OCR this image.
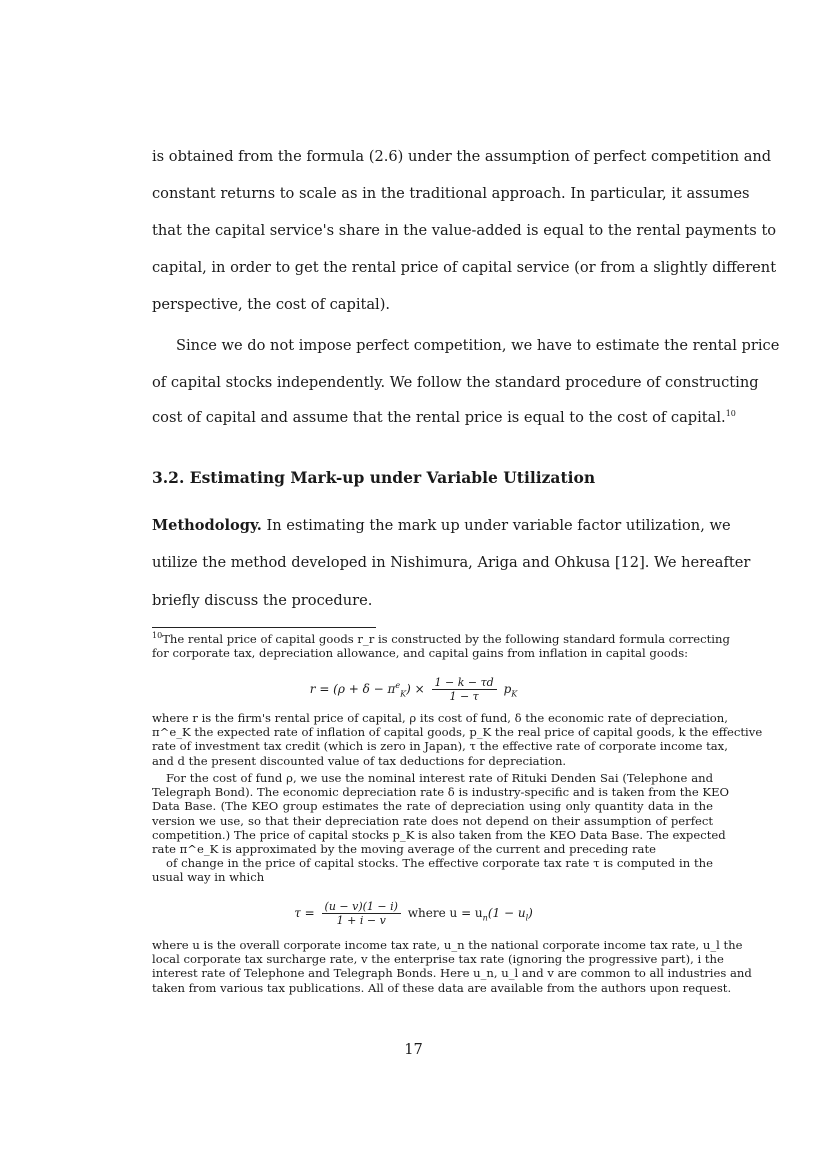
is obtained from the formula (2.6) under the assumption of perfect competition and
constant returns to scale as in the traditional approach. In particular, it assumes
that the capital service's share in the value-added is equal to the rental payments to
capital, in order to get the rental price of capital service (or from a slightly different
perspective, the cost of capital).
Since we do not impose perfect competition, we have to estimate the rental price
of capital stocks independently. We follow the standard procedure of constructing
cost of capital and assume that the rental price is equal to the cost of capital.$^{10}$
3.2. Estimating Mark-up under Variable Utilization
Methodology. In estimating the mark up under variable factor utilization, we
utilize the method developed in Nishimura, Ariga and Ohkusa [12]. We hereafter
briefly discuss the procedure.
$^{10}$The rental price of capital goods r_r is constructed by the following standard formula correcting
for corporate tax, depreciation allowance, and capital gains from inflation in capital goods:
$r = (\rho + \delta - \pi^e_K) \times \frac{1 - k - \tau d}{1 - \tau} p_K$
where r is the firm's rental price of capital, ρ its cost of fund, δ the economic rate of depreciation,
π^e_K the expected rate of inflation of capital goods, p_K the real price of capital goods, k the effective
rate of investment tax credit (which is zero in Japan), τ the effective rate of corporate income tax,
and d the present discounted value of tax deductions for depreciation.
For the cost of fund ρ, we use the nominal interest rate of Rituki Denden Sai (Telephone and
Telegraph Bond). The economic depreciation rate δ is industry-specific and is taken from the KEO
Data Base. (The KEO group estimates the rate of depreciation using only quantity data in the
version we use, so that their depreciation rate does not depend on their assumption of perfect
competition.) The price of capital stocks p_K is also taken from the KEO Data Base. The expected
rate π^e_K is approximated by the moving average of the current and preceding rate
of change in the price of capital stocks. The effective corporate tax rate τ is computed in the
usual way in which
$\tau = \frac{(u - v)(1 - i)}{1 + i - v}$ where $u = u_n(1 - u_l)$
where u is the overall corporate income tax rate, u_n the national corporate income tax rate, u_l the
local corporate tax surcharge rate, v the enterprise tax rate (ignoring the progressive part), i the
interest rate of Telephone and Telegraph Bonds. Here u_n, u_l and v are common to all industries and
taken from various tax publications. All of these data are available from the authors upon request.
17
